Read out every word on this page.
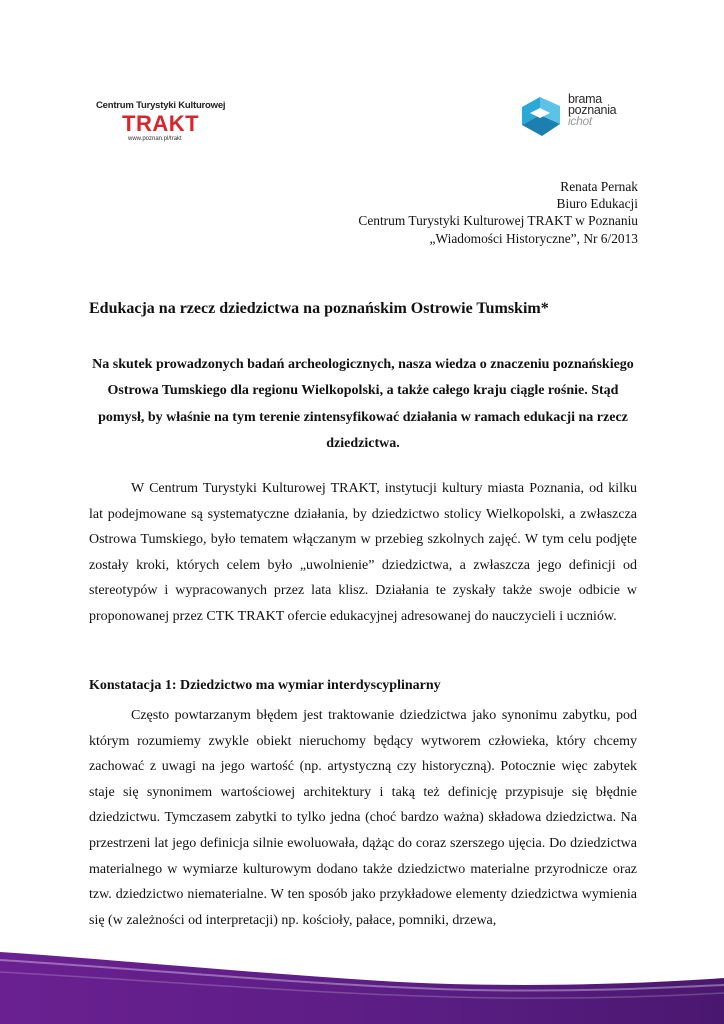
Centrum Turystyki Kulturowej
TRAKT
www.poznan.pl/trakt
brama
poznania
ichot
Renata Pernak
Biuro Edukacji
Centrum Turystyki Kulturowej TRAKT w Poznaniu
„Wiadomości Historyczne”, Nr 6/2013
Edukacja na rzecz dziedzictwa na poznańskim Ostrowie Tumskim*
Na skutek prowadzonych badań archeologicznych, nasza wiedza o znaczeniu poznańskiego Ostrowa Tumskiego dla regionu Wielkopolski, a także całego kraju ciągle rośnie. Stąd pomysł, by właśnie na tym terenie zintensyfikować działania w ramach edukacji na rzecz dziedzictwa.
W Centrum Turystyki Kulturowej TRAKT, instytucji kultury miasta Poznania, od kilku lat podejmowane są systematyczne działania, by dziedzictwo stolicy Wielkopolski, a zwłaszcza Ostrowa Tumskiego, było tematem włączanym w przebieg szkolnych zajęć. W tym celu podjęte zostały kroki, których celem było „uwolnienie” dziedzictwa, a zwłaszcza jego definicji od stereotypów i wypracowanych przez lata klisz. Działania te zyskały także swoje odbicie w proponowanej przez CTK TRAKT ofercie edukacyjnej adresowanej do nauczycieli i uczniów.
Konstatacja 1: Dziedzictwo ma wymiar interdyscyplinarny
Często powtarzanym błędem jest traktowanie dziedzictwa jako synonimu zabytku, pod którym rozumiemy zwykle obiekt nieruchomy będący wytworem człowieka, który chcemy zachować z uwagi na jego wartość (np. artystyczną czy historyczną). Potocznie więc zabytek staje się synonimem wartościowej architektury i taką też definicję przypisuje się błędnie dziedzictwu. Tymczasem zabytki to tylko jedna (choć bardzo ważna) składowa dziedzictwa. Na przestrzeni lat jego definicja silnie ewoluowała, dążąc do coraz szerszego ujęcia. Do dziedzictwa materialnego w wymiarze kulturowym dodano także dziedzictwo materialne przyrodnicze oraz tzw. dziedzictwo niematerialne. W ten sposób jako przykładowe elementy dziedzictwa wymienia się (w zależności od interpretacji) np. kościoły, pałace, pomniki, drzewa,
